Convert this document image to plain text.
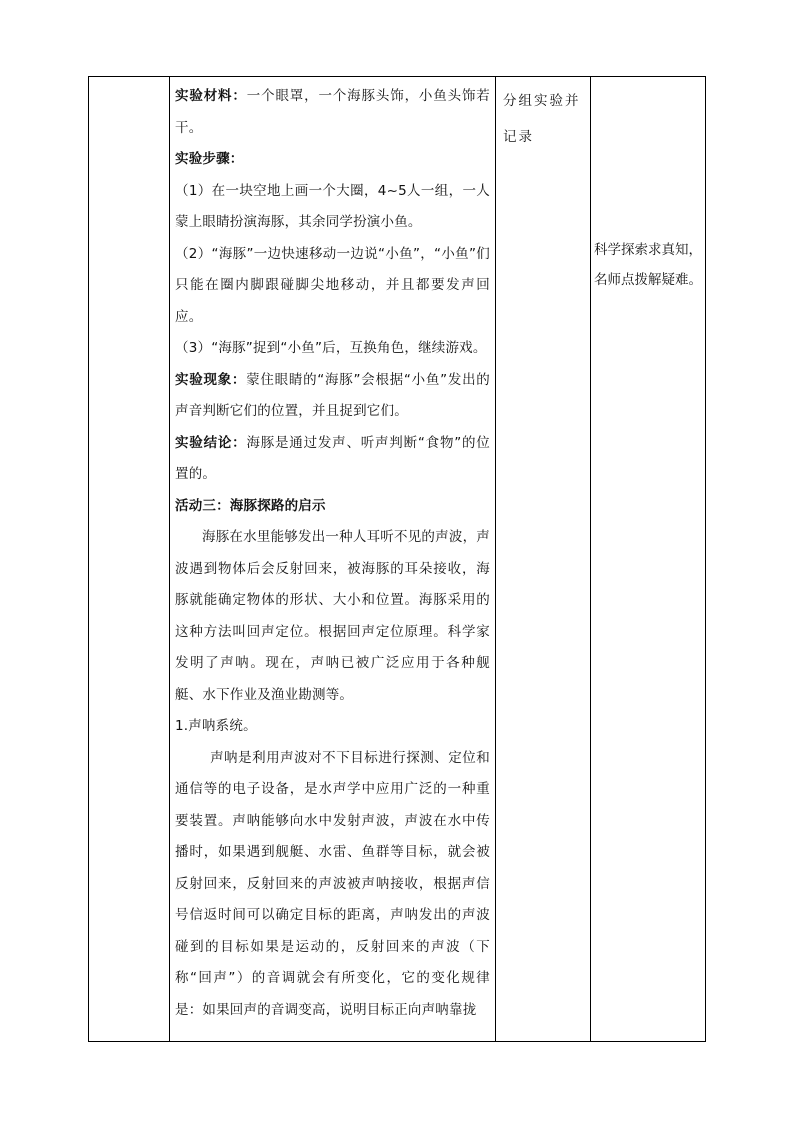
实验材料：一个眼罩，一个海豚头饰，小鱼头饰若干。

实验步骤：

（1）在一块空地上画一个大圈，4~5人一组，一人蒙上眼睛扮演海豚，其余同学扮演小鱼。

（2）“海豚”一边快速移动一边说“小鱼”，“小鱼”们只能在圈内脚跟碰脚尖地移动，并且都要发声回应。

（3）“海豚”捉到“小鱼”后，互换角色，继续游戏。

实验现象：蒙住眼睛的“海豚”会根据“小鱼”发出的声音判断它们的位置，并且捉到它们。

实验结论：海豚是通过发声、听声判断“食物”的位置的。

活动三：海豚探路的启示

海豚在水里能够发出一种人耳听不见的声波，声波遇到物体后会反射回来，被海豚的耳朵接收，海豚就能确定物体的形状、大小和位置。海豚采用的这种方法叫回声定位。根据回声定位原理。科学家发明了声呐。现在，声呐已被广泛应用于各种舰艇、水下作业及渔业勘测等。

1.声呐系统。

声呐是利用声波对不下目标进行探测、定位和通信等的电子设备，是水声学中应用广泛的一种重要装置。声呐能够向水中发射声波，声波在水中传播时，如果遇到舰艇、水雷、鱼群等目标，就会被反射回来，反射回来的声波被声呐接收，根据声信号信返时间可以确定目标的距离，声呐发出的声波碰到的目标如果是运动的，反射回来的声波（下称“回声”）的音调就会有所变化，它的变化规律是：如果回声的音调变高，说明目标正向声呐靠拢

分组实验并记录

科学探索求真知，名师点拨解疑难。
